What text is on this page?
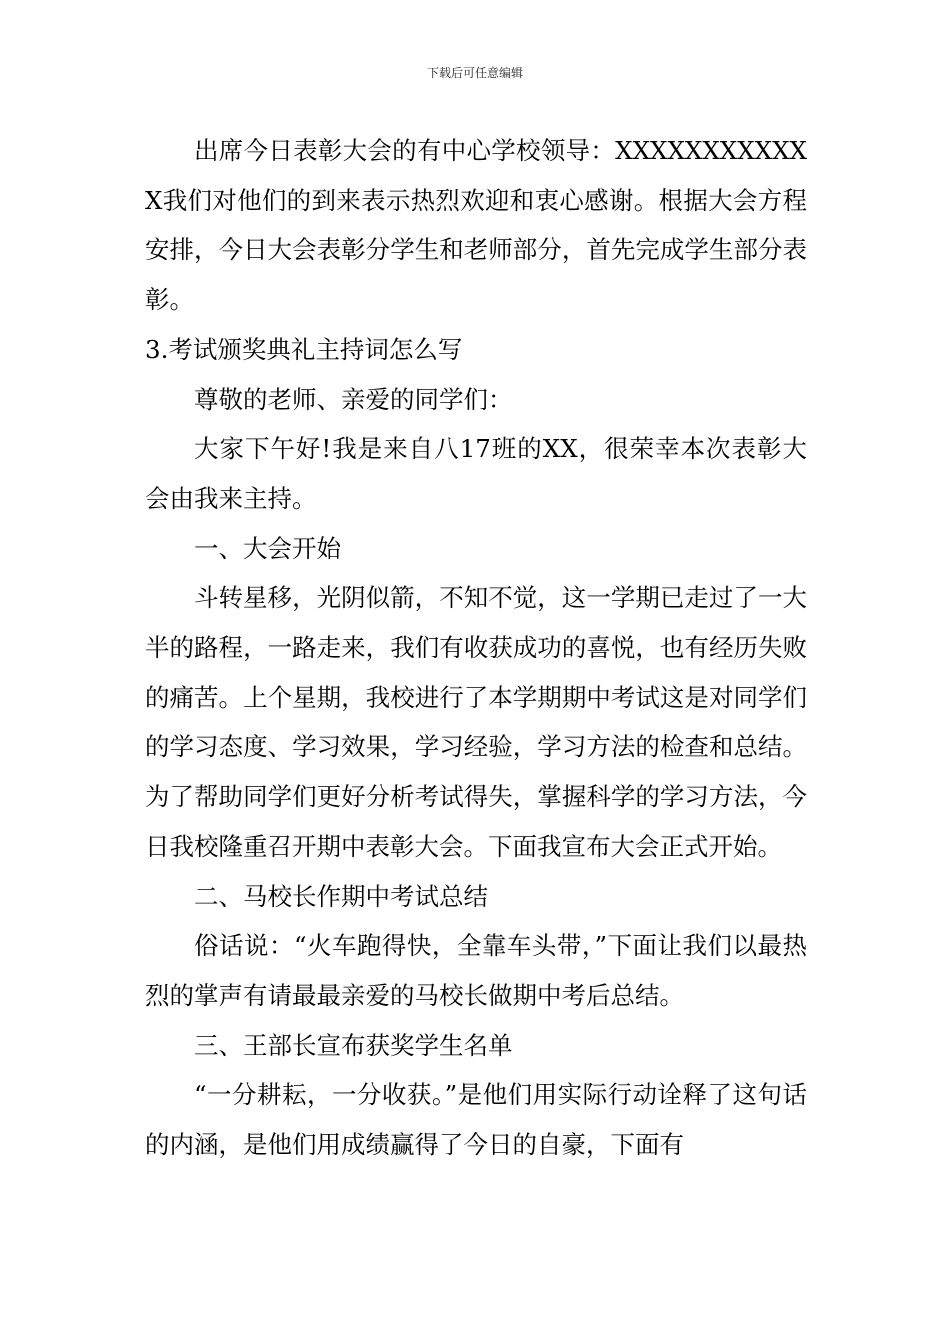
下载后可任意编辑

出席今日表彰大会的有中心学校领导：XXXXXXXXXXXX我们对他们的到来表示热烈欢迎和衷心感谢。根据大会方程安排，今日大会表彰分学生和老师部分，首先完成学生部分表彰。

3.考试颁奖典礼主持词怎么写

尊敬的老师、亲爱的同学们：

大家下午好!我是来自八17班的XX，很荣幸本次表彰大会由我来主持。

一、大会开始

斗转星移，光阴似箭，不知不觉，这一学期已走过了一大半的路程，一路走来，我们有收获成功的喜悦，也有经历失败的痛苦。上个星期，我校进行了本学期期中考试这是对同学们的学习态度、学习效果，学习经验，学习方法的检查和总结。为了帮助同学们更好分析考试得失，掌握科学的学习方法，今日我校隆重召开期中表彰大会。下面我宣布大会正式开始。

二、马校长作期中考试总结

俗话说：“火车跑得快，全靠车头带，”下面让我们以最热烈的掌声有请最最亲爱的马校长做期中考后总结。

三、王部长宣布获奖学生名单

“一分耕耘，一分收获。”是他们用实际行动诠释了这句话的内涵，是他们用成绩赢得了今日的自豪，下面有
